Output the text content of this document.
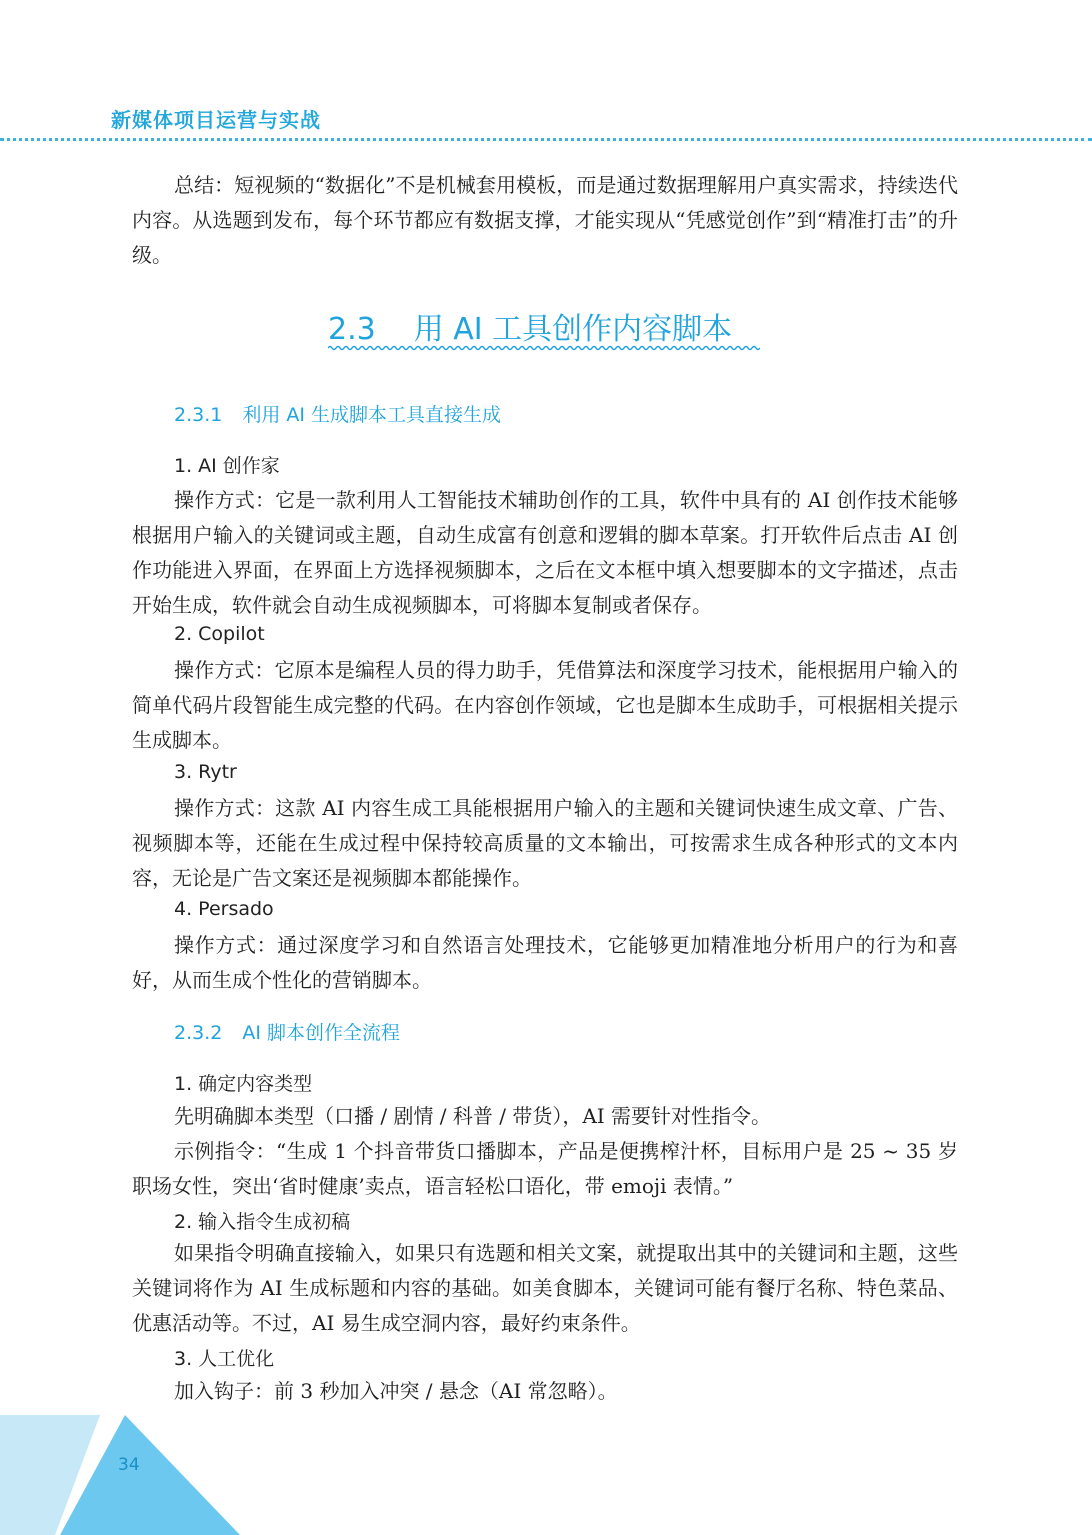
新媒体项目运营与实战

总结：短视频的“数据化”不是机械套用模板，而是通过数据理解用户真实需求，持续迭代内容。从选题到发布，每个环节都应有数据支撑，才能实现从“凭感觉创作”到“精准打击”的升级。

2.3 用 AI 工具创作内容脚本
2.3.1 利用 AI 生成脚本工具直接生成
1. AI 创作家

操作方式：它是一款利用人工智能技术辅助创作的工具，软件中具有的 AI 创作技术能够根据用户输入的关键词或主题，自动生成富有创意和逻辑的脚本草案。打开软件后点击 AI 创作功能进入界面，在界面上方选择视频脚本，之后在文本框中填入想要脚本的文字描述，点击开始生成，软件就会自动生成视频脚本，可将脚本复制或者保存。

2. Copilot

操作方式：它原本是编程人员的得力助手，凭借算法和深度学习技术，能根据用户输入的简单代码片段智能生成完整的代码。在内容创作领域，它也是脚本生成助手，可根据相关提示生成脚本。

3. Rytr

操作方式：这款 AI 内容生成工具能根据用户输入的主题和关键词快速生成文章、广告、视频脚本等，还能在生成过程中保持较高质量的文本输出，可按需求生成各种形式的文本内容，无论是广告文案还是视频脚本都能操作。

4. Persado

操作方式：通过深度学习和自然语言处理技术，它能够更加精准地分析用户的行为和喜好，从而生成个性化的营销脚本。

2.3.2 AI 脚本创作全流程
1. 确定内容类型

先明确脚本类型（口播 / 剧情 / 科普 / 带货），AI 需要针对性指令。

示例指令：“生成 1 个抖音带货口播脚本，产品是便携榨汁杯，目标用户是 25 ~ 35 岁职场女性，突出‘省时健康’卖点，语言轻松口语化，带 emoji 表情。”

2. 输入指令生成初稿

如果指令明确直接输入，如果只有选题和相关文案，就提取出其中的关键词和主题，这些关键词将作为 AI 生成标题和内容的基础。如美食脚本，关键词可能有餐厅名称、特色菜品、优惠活动等。不过，AI 易生成空洞内容，最好约束条件。

3. 人工优化

加入钩子：前 3 秒加入冲突 / 悬念（AI 常忽略）。

34
